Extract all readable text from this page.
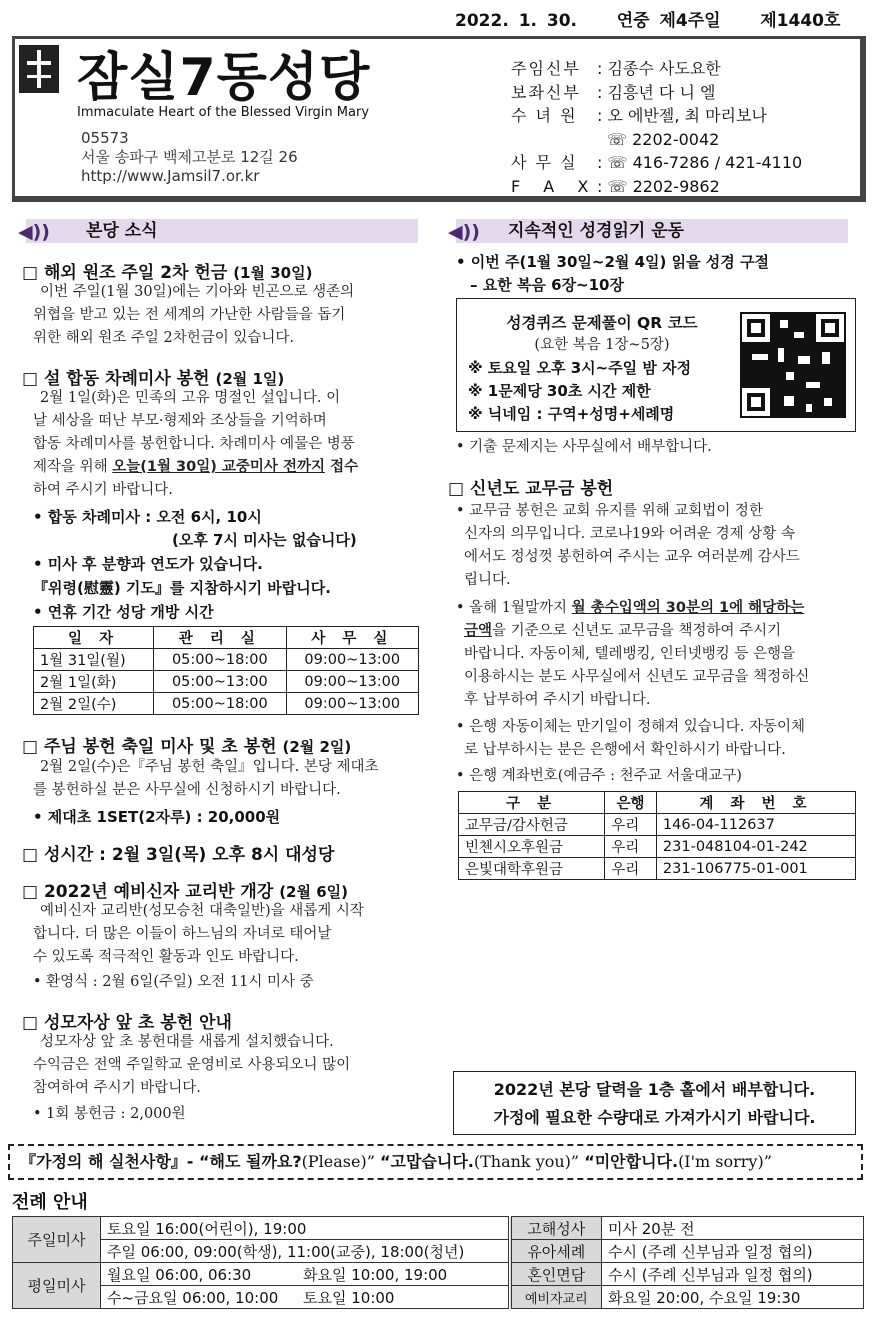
2022. 1. 30. 연중 제4주일 제1440호
잠실7동성당
Immaculate Heart of the Blessed Virgin Mary
05573
서울 송파구 백제고분로 12길 26
http://www.Jamsil7.or.kr
주임신부	: 김종수 사도요한
보좌신부	: 김흥년 다 니 엘
수 녀 원	: 오 에반젤, 최 마리보나
☏ 2202-0042
사 무 실	: ☏ 416-7286 / 421-4110
F A X : ☏ 2202-9862
◀)) 본당 소식
□ 해외 원조 주일 2차 헌금 (1월 30일)
이번 주일(1월 30일)에는 기아와 빈곤으로 생존의
위협을 받고 있는 전 세계의 가난한 사람들을 돕기
위한 해외 원조 주일 2차헌금이 있습니다.
□ 설 합동 차례미사 봉헌 (2월 1일)
2월 1일(화)은 민족의 고유 명절인 설입니다. 이
날 세상을 떠난 부모·형제와 조상들을 기억하며
합동 차례미사를 봉헌합니다. 차례미사 예물은 병풍
제작을 위해 오늘(1월 30일) 교중미사 전까지 접수
하여 주시기 바랍니다.
• 합동 차례미사 : 오전 6시, 10시
(오후 7시 미사는 없습니다)
• 미사 후 분향과 연도가 있습니다.
『위령(慰靈) 기도』를 지참하시기 바랍니다.
• 연휴 기간 성당 개방 시간
일 자	관 리 실	사 무 실
1월 31일(월)	05:00~18:00	09:00~13:00
2월 1일(화)	05:00~13:00	09:00~13:00
2월 2일(수)	05:00~18:00	09:00~13:00
□ 주님 봉헌 축일 미사 및 초 봉헌 (2월 2일)
2월 2일(수)은『주님 봉헌 축일』입니다. 본당 제대초
를 봉헌하실 분은 사무실에 신청하시기 바랍니다.
• 제대초 1SET(2자루) : 20,000원
□ 성시간 : 2월 3일(목) 오후 8시 대성당
□ 2022년 예비신자 교리반 개강 (2월 6일)
예비신자 교리반(성모승천 대축일반)을 새롭게 시작
합니다. 더 많은 이들이 하느님의 자녀로 태어날
수 있도록 적극적인 활동과 인도 바랍니다.
• 환영식 : 2월 6일(주일) 오전 11시 미사 중
□ 성모자상 앞 초 봉헌 안내
성모자상 앞 초 봉헌대를 새롭게 설치했습니다.
수익금은 전액 주일학교 운영비로 사용되오니 많이
참여하여 주시기 바랍니다.
• 1회 봉헌금 : 2,000원
◀)) 지속적인 성경읽기 운동
• 이번 주(1월 30일~2월 4일) 읽을 성경 구절
– 요한 복음 6장~10장
성경퀴즈 문제풀이 QR 코드
(요한 복음 1장~5장)
※ 토요일 오후 3시~주일 밤 자정
※ 1문제당 30초 시간 제한
※ 닉네임 : 구역+성명+세례명
• 기출 문제지는 사무실에서 배부합니다.
□ 신년도 교무금 봉헌
• 교무금 봉헌은 교회 유지를 위해 교회법이 정한
신자의 의무입니다. 코로나19와 어려운 경제 상황 속
에서도 정성껏 봉헌하여 주시는 교우 여러분께 감사드
립니다.
• 올해 1월말까지 월 총수입액의 30분의 1에 해당하는
금액을 기준으로 신년도 교무금을 책정하여 주시기
바랍니다. 자동이체, 텔레뱅킹, 인터넷뱅킹 등 은행을
이용하시는 분도 사무실에서 신년도 교무금을 책정하신
후 납부하여 주시기 바랍니다.
• 은행 자동이체는 만기일이 정해져 있습니다. 자동이체
로 납부하시는 분은 은행에서 확인하시기 바랍니다.
• 은행 계좌번호(예금주 : 천주교 서울대교구)
구 분	은행	계 좌 번 호
교무금/감사헌금	우리	146-04-112637
빈첸시오후원금	우리	231-048104-01-242
은빛대학후원금	우리	231-106775-01-001
2022년 본당 달력을 1층 홀에서 배부합니다.
가정에 필요한 수량대로 가져가시기 바랍니다.
『가정의 해 실천사항』- “해도 될까요?(Please)” “고맙습니다.(Thank you)” “미안합니다.(I'm sorry)”
전례 안내
주일미사	토요일 16:00(어린이), 19:00	고해성사	미사 20분 전
	주일 06:00, 09:00(학생), 11:00(교중), 18:00(청년)	유아세례	수시 (주례 신부님과 일정 협의)
평일미사	월요일 06:00, 06:30 화요일 10:00, 19:00	혼인면담	수시 (주례 신부님과 일정 협의)
	수~금요일 06:00, 10:00 토요일 10:00	예비자교리	화요일 20:00, 수요일 19:30
